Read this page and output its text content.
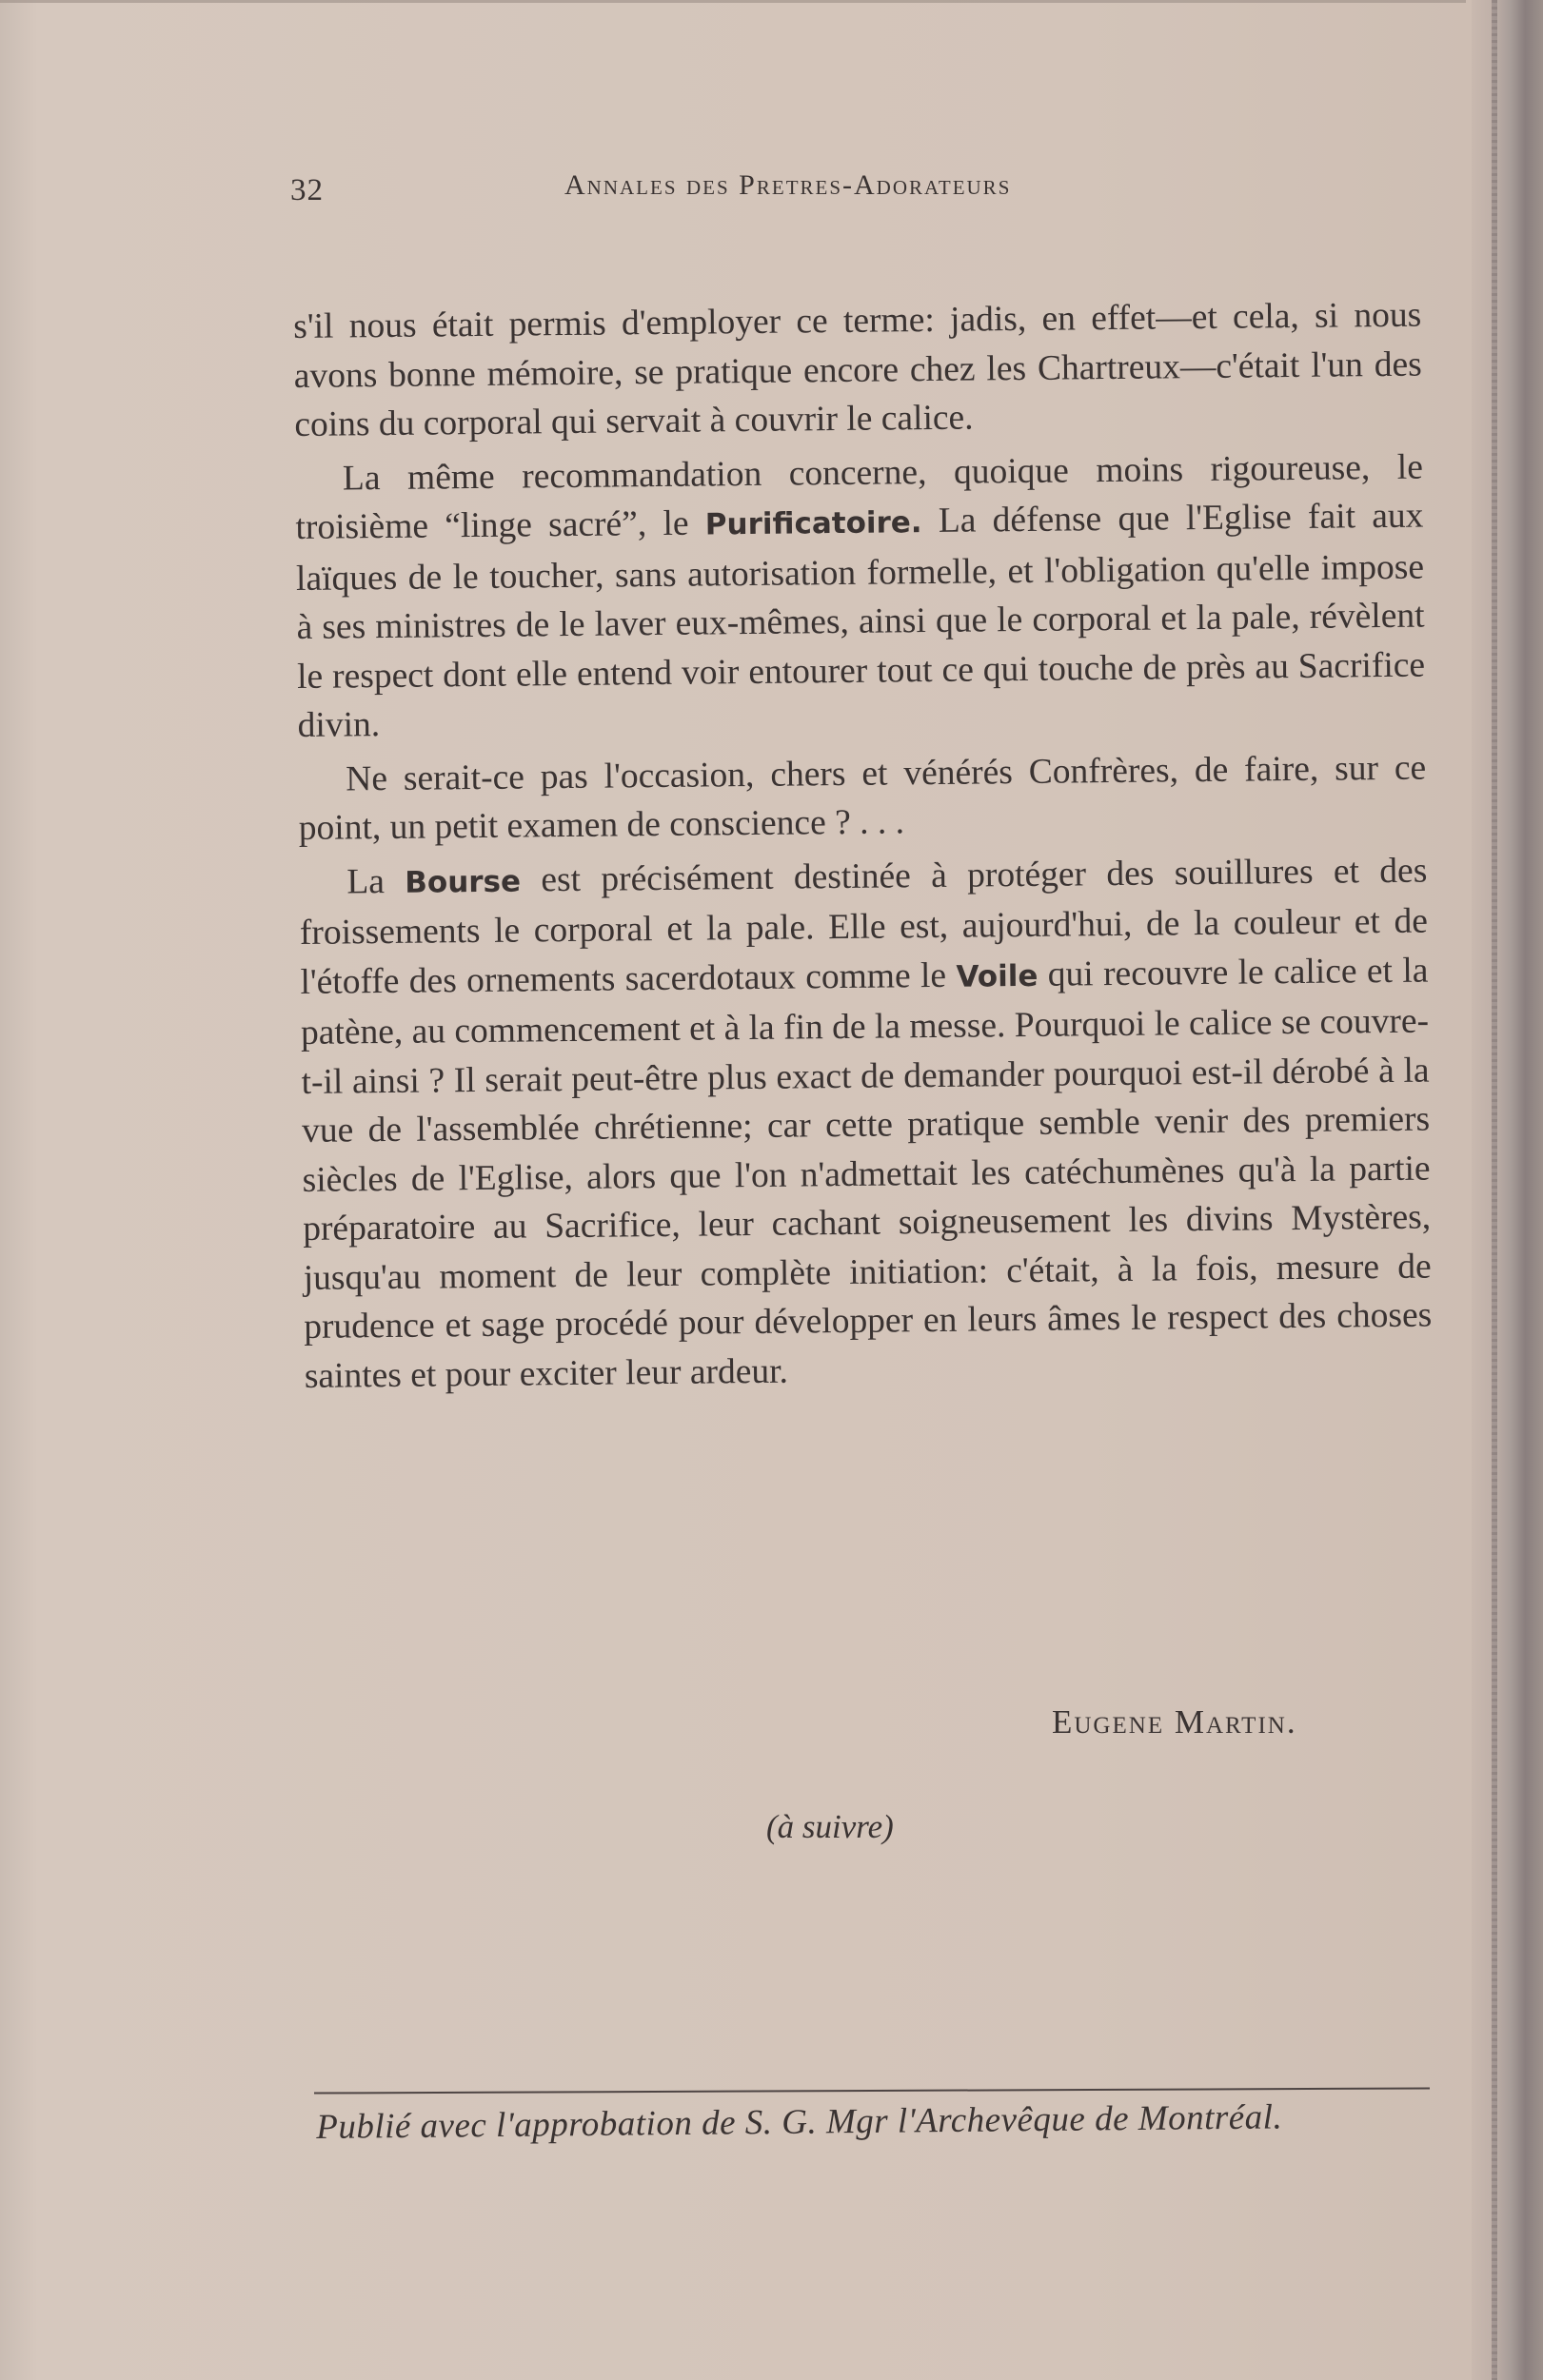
32	Annales des Pretres-Adorateurs

s'il nous était permis d'employer ce terme: jadis, en effet—et cela, si nous avons bonne mémoire, se pratique encore chez les Chartreux—c'était l'un des coins du corporal qui servait à couvrir le calice.

La même recommandation concerne, quoique moins rigoureuse, le troisième “linge sacré”, le Purificatoire. La défense que l'Eglise fait aux laïques de le toucher, sans autorisation formelle, et l'obligation qu'elle impose à ses ministres de le laver eux-mêmes, ainsi que le corporal et la pale, révèlent le respect dont elle entend voir entourer tout ce qui touche de près au Sacrifice divin.

Ne serait-ce pas l'occasion, chers et vénérés Confrères, de faire, sur ce point, un petit examen de conscience ? . . .

La Bourse est précisément destinée à protéger des souillures et des froissements le corporal et la pale. Elle est, aujourd'hui, de la couleur et de l'étoffe des ornements sacerdotaux comme le Voile qui recouvre le calice et la patène, au commencement et à la fin de la messe. Pourquoi le calice se couvre-t-il ainsi ? Il serait peut-être plus exact de demander pourquoi est-il dérobé à la vue de l'assemblée chrétienne; car cette pratique semble venir des premiers siècles de l'Eglise, alors que l'on n'admettait les catéchumènes qu'à la partie préparatoire au Sacrifice, leur cachant soigneusement les divins Mystères, jusqu'au moment de leur complète initiation: c'était, à la fois, mesure de prudence et sage procédé pour développer en leurs âmes le respect des choses saintes et pour exciter leur ardeur.

Eugene Martin.
(à suivre)
Publié avec l'approbation de S. G. Mgr l'Archevêque de Montréal.
